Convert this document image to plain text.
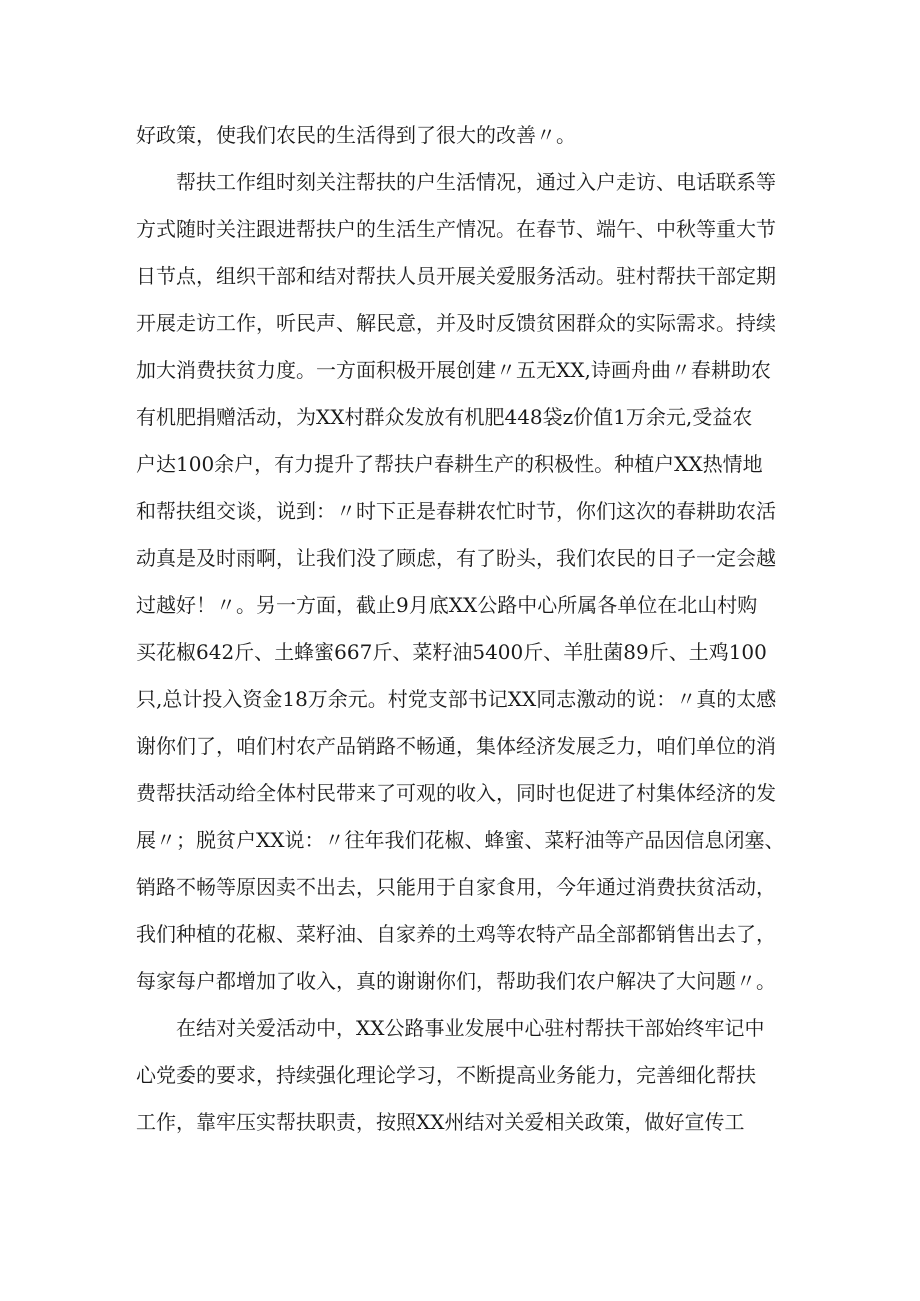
好政策，使我们农民的生活得到了很大的改善〃。
　　帮扶工作组时刻关注帮扶的户生活情况，通过入户走访、电话联系等
方式随时关注跟进帮扶户的生活生产情况。在春节、端午、中秋等重大节
日节点，组织干部和结对帮扶人员开展关爱服务活动。驻村帮扶干部定期
开展走访工作，听民声、解民意，并及时反馈贫困群众的实际需求。持续
加大消费扶贫力度。一方面积极开展创建〃五无XX,诗画舟曲〃春耕助农
有机肥捐赠活动，为XX村群众发放有机肥448袋z价值1万余元,受益农
户达100余户，有力提升了帮扶户春耕生产的积极性。种植户XX热情地
和帮扶组交谈，说到：〃时下正是春耕农忙时节，你们这次的春耕助农活
动真是及时雨啊，让我们没了顾虑，有了盼头，我们农民的日子一定会越
过越好！〃。另一方面，截止9月底XX公路中心所属各单位在北山村购
买花椒642斤、土蜂蜜667斤、菜籽油5400斤、羊肚菌89斤、土鸡100
只,总计投入资金18万余元。村党支部书记XX同志激动的说：〃真的太感
谢你们了，咱们村农产品销路不畅通，集体经济发展乏力，咱们单位的消
费帮扶活动给全体村民带来了可观的收入，同时也促进了村集体经济的发
展〃；脱贫户XX说：〃往年我们花椒、蜂蜜、菜籽油等产品因信息闭塞、
销路不畅等原因卖不出去，只能用于自家食用，今年通过消费扶贫活动，
我们种植的花椒、菜籽油、自家养的土鸡等农特产品全部都销售出去了，
每家每户都增加了收入，真的谢谢你们，帮助我们农户解决了大问题〃。
　　在结对关爱活动中，XX公路事业发展中心驻村帮扶干部始终牢记中
心党委的要求，持续强化理论学习，不断提高业务能力，完善细化帮扶
工作，靠牢压实帮扶职责，按照XX州结对关爱相关政策，做好宣传工
